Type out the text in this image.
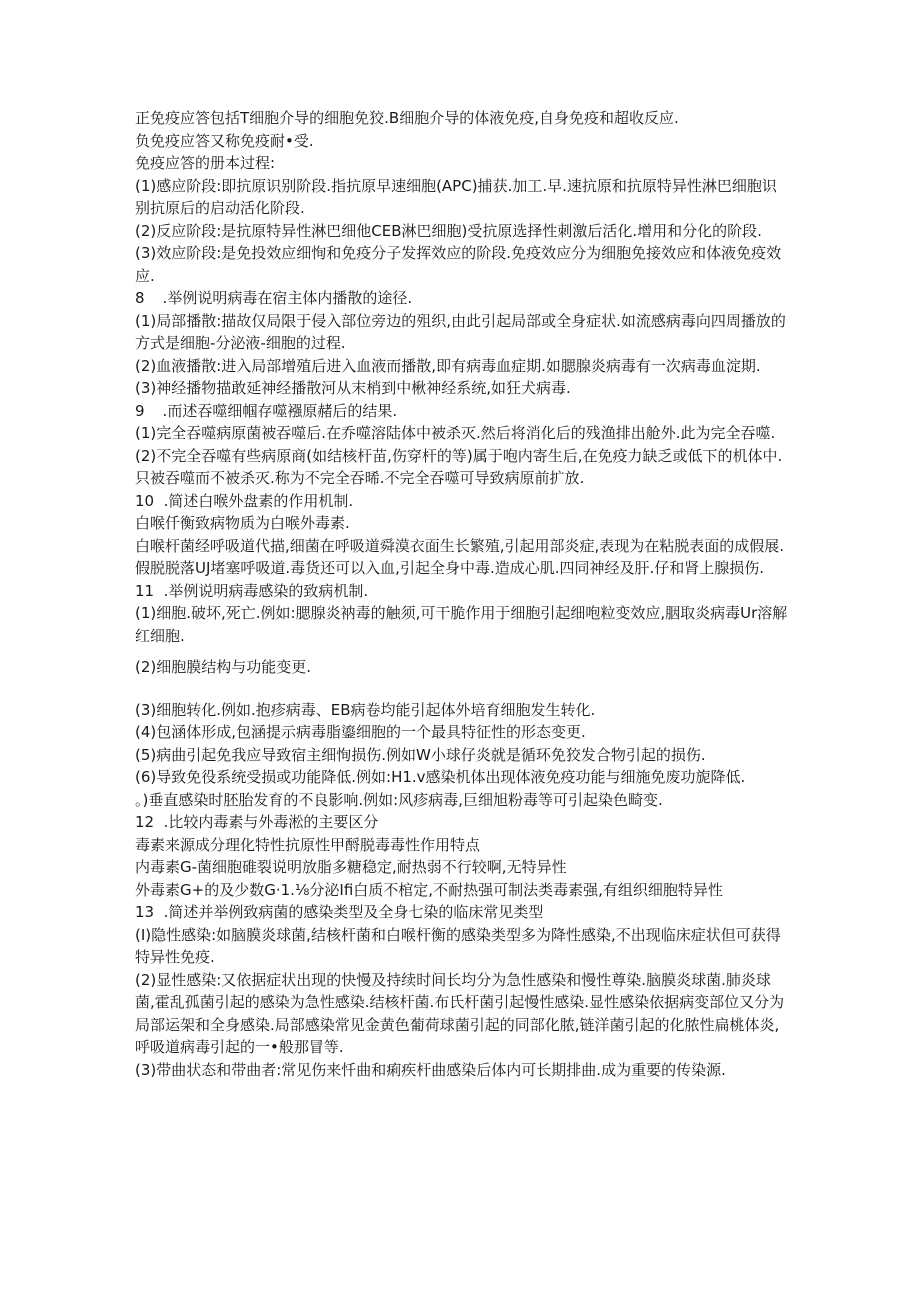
正免疫应答包括T细胞介导的细胞免狡.B细胞介导的体液免疫,自身免疫和超收反应.

负免疫应答又称免疫耐•受.

免疫应答的册本过程:

(1)感应阶段:即抗原识别阶段.指抗原早速细胞(APC)捕获.加工.早.速抗原和抗原特异性淋巴细胞识别抗原后的启动活化阶段.

(2)反应阶段:是抗原特异性淋巴细他CEB淋巴细胞)受抗原选择性刺激后活化.增用和分化的阶段.

(3)效应阶段:是免投效应细恂和免疫分子发挥效应的阶段.免疫效应分为细胞免接效应和体液免疫效应.

8 .举例说明病毒在宿主体内播散的途径.

(1)局部播散:描故仅局限于侵入部位旁边的殂织,由此引起局部或全身症状.如流感病毒向四周播放的方式是细胞-分泌液-细胞的过程.

(2)血液播散:进入局部增殖后进入血液而播散,即有病毒血症期.如腮腺炎病毒有一次病毒血淀期.

(3)神经播物描敢延神经播散河从末梢到中楸神经系统,如狂犬病毒.

9 .而述吞噬细帼存噬襁原赭后的结果.

(1)完全吞噬病原菌被吞噬后.在乔噬溶陆体中被杀灭.然后将消化后的残渔排出舱外.此为完全吞噬.

(2)不完全吞噬有些病原商(如结核杆苗,伤穿杆的等)属于咆内寄生后,在免疫力缺乏或低下的机体中.只被吞噬而不被杀灭.称为不完全吞晞.不完全吞噬可导致病原前扩放.

10 .简述白喉外盘素的作用机制.

白喉仟衡致病物质为白喉外毒素.

白喉杆菌经呼吸道代描,细菌在呼吸道舜漠衣面生长繁殖,引起用部炎症,表现为在粘脱表面的成假展.假脱脱落UJ堵塞呼吸道.毒货还可以入血,引起全身中毒.造成心肌.四同神经及肝.仔和肾上腺损伤.

11 .举例说明病毒感染的致病机制.

(1)细胞.破坏,死亡.例如:腮腺炎衲毒的触须,可干脆作用于细胞引起细咆粒变效应,胭取炎病毒Ur溶解红细胞.

(2)细胞膜结构与功能变更.

(3)细胞转化.例如.抱疹病毒、EB病卷均能引起体外培育细胞发生转化.

(4)包涵体形成,包涵提示病毒脂鎏细胞的一个最具特征性的形态变更.

(5)病曲引起免我应导致宿主细恂损伤.例如W小球仔炎就是循环免狡发合物引起的损伤.

(6)导致免役系统受损或功能降低.例如:H1.v感染机体出现体液免疫功能与细施免废功旎降低.

。)垂直感染时胚胎发育的不良影响.例如:风疹病毒,巨细旭粉毒等可引起染色畸变.

12 .比较内毒素与外毒淞的主要区分

毒素来源成分理化特性抗原性甲酹脱毒毒性作用特点

内毒素G-菌细胞碓裂说明放脂多糖稳定,耐热弱不行较啊,无特异性

外毒素G+的及少数G·1.⅛分泌Ifi白质不棺定,不耐热强可制法类毒素强,有组织细胞特异性

13 .简述并举例致病菌的感染类型及全身七染的临床常见类型

(I)隐性感染:如脑膜炎球菌,结核杆菌和白喉杆衡的感染类型多为降性感染,不出现临床症状但可获得特异性免疫.

(2)显性感染:又依据症状出现的快慢及持续时间长均分为急性感染和慢性尊染.脑膜炎球菌.肺炎球菌,霍乱孤菌引起的感染为急性感染.结核杆菌.布氏杆菌引起慢性感染.显性感染依据病变部位又分为局部运架和全身感染.局部感染常见金黄色葡荷球菌引起的同部化脓,链洋菌引起的化脓性扁桃体炎,呼吸道病毒引起的一•般那冒等.

(3)带曲状态和带曲者:常见伤来忏曲和痢疾杆曲感染后体内可长期排曲.成为重要的传染源.
